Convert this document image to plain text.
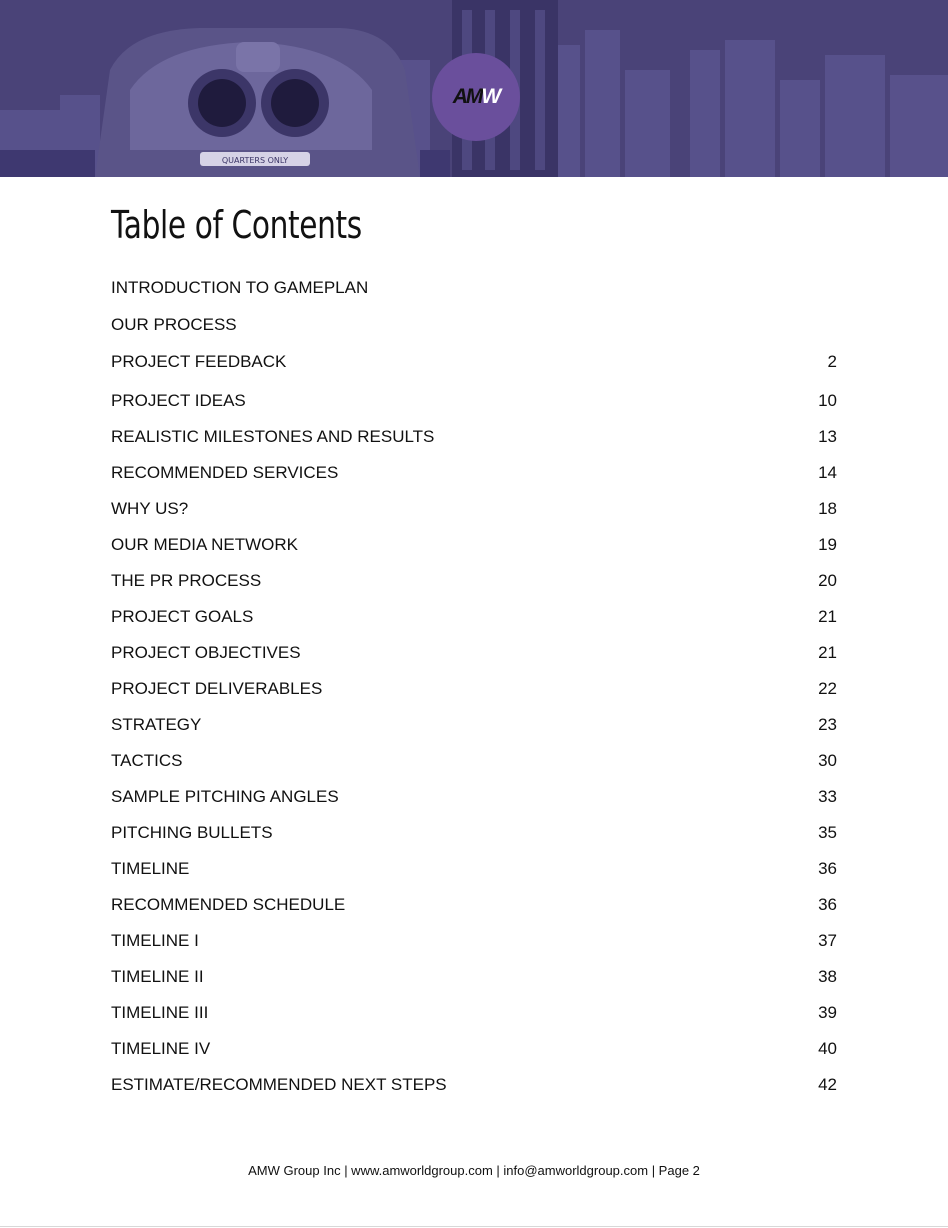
QUARTERS ONLY
AMW
Table of Contents
INTRODUCTION TO GAMEPLAN
OUR PROCESS
PROJECT FEEDBACK	2
PROJECT IDEAS	10
REALISTIC MILESTONES AND RESULTS	13
RECOMMENDED SERVICES	14
WHY US?	18
OUR MEDIA NETWORK	19
THE PR PROCESS	20
PROJECT GOALS	21
PROJECT OBJECTIVES	21
PROJECT DELIVERABLES	22
STRATEGY	23
TACTICS	30
SAMPLE PITCHING ANGLES	33
PITCHING BULLETS	35
TIMELINE	36
RECOMMENDED SCHEDULE	36
TIMELINE I	37
TIMELINE II	38
TIMELINE III	39
TIMELINE IV	40
ESTIMATE/RECOMMENDED NEXT STEPS	42
AMW Group Inc | www.amworldgroup.com | info@amworldgroup.com | Page 2
